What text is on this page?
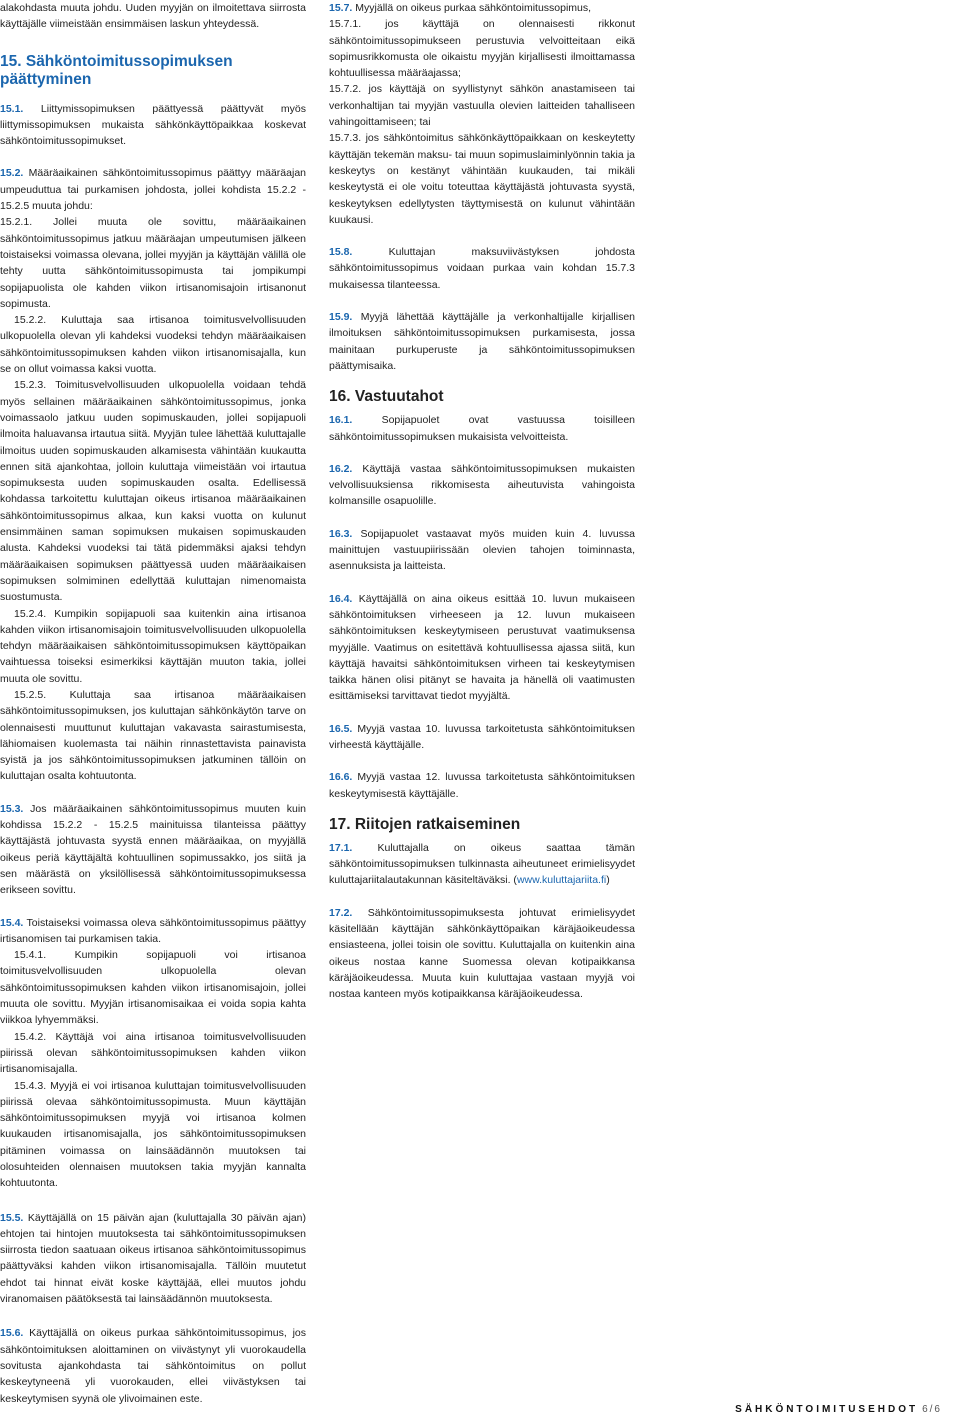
alakohdasta muuta johdu. Uuden myyjän on ilmoitettava siirrosta käyttäjälle viimeistään ensimmäisen laskun yhteydessä.

15. Sähköntoimitussopimuksen päättyminen

15.1. Liittymissopimuksen päättyessä päättyvät myös liittymissopimuksen mukaista sähkönkäyttöpaikkaa koskevat sähköntoimitussopimukset.

15.2. Määräaikainen sähköntoimitussopimus päättyy määräajan umpeuduttua tai purkamisen johdosta, jollei kohdista 15.2.2 - 15.2.5 muuta johdu:

15.2.1. Jollei muuta ole sovittu, määräaikainen sähköntoimitussopimus jatkuu määräajan umpeutumisen jälkeen toistaiseksi voimassa olevana, jollei myyjän ja käyttäjän välillä ole tehty uutta sähköntoimitussopimusta tai jompikumpi sopijapuolista ole kahden viikon irtisanomisajoin irtisanonut sopimusta.

15.2.2. Kuluttaja saa irtisanoa toimitusvelvollisuuden ulkopuolella olevan yli kahdeksi vuodeksi tehdyn määräaikaisen sähköntoimitussopimuksen kahden viikon irtisanomisajalla, kun se on ollut voimassa kaksi vuotta.

15.2.3. Toimitusvelvollisuuden ulkopuolella voidaan tehdä myös sellainen määräaikainen sähköntoimitussopimus, jonka voimassaolo jatkuu uuden sopimuskauden, jollei sopijapuoli ilmoita haluavansa irtautua siitä. Myyjän tulee lähettää kuluttajalle ilmoitus uuden sopimuskauden alkamisesta vähintään kuukautta ennen sitä ajankohtaa, jolloin kuluttaja viimeistään voi irtautua sopimuksesta uuden sopimuskauden osalta. Edellisessä kohdassa tarkoitettu kuluttajan oikeus irtisanoa määräaikainen sähköntoimitussopimus alkaa, kun kaksi vuotta on kulunut ensimmäinen saman sopimuksen mukaisen sopimuskauden alusta. Kahdeksi vuodeksi tai tätä pidemmäksi ajaksi tehdyn määräaikaisen sopimuksen päättyessä uuden määräaikaisen sopimuksen solmiminen edellyttää kuluttajan nimenomaista suostumusta.

15.2.4. Kumpikin sopijapuoli saa kuitenkin aina irtisanoa kahden viikon irtisanomisajoin toimitusvelvollisuuden ulkopuolella tehdyn määräaikaisen sähköntoimitussopimuksen käyttöpaikan vaihtuessa toiseksi esimerkiksi käyttäjän muuton takia, jollei muuta ole sovittu.

15.2.5. Kuluttaja saa irtisanoa määräaikaisen sähköntoimitussopimuksen, jos kuluttajan sähkönkäytön tarve on olennaisesti muuttunut kuluttajan vakavasta sairastumisesta, lähiomaisen kuolemasta tai näihin rinnastettavista painavista syistä ja jos sähköntoimitussopimuksen jatkuminen tällöin on kuluttajan osalta kohtuutonta.

15.3. Jos määräaikainen sähköntoimitussopimus muuten kuin kohdissa 15.2.2 - 15.2.5 mainituissa tilanteissa päättyy käyttäjästä johtuvasta syystä ennen määräaikaa, on myyjällä oikeus periä käyttäjältä kohtuullinen sopimussakko, jos siitä ja sen määrästä on yksilöllisessä sähköntoimitussopimuksessa erikseen sovittu.

15.4. Toistaiseksi voimassa oleva sähköntoimitussopimus päättyy irtisanomisen tai purkamisen takia.

15.4.1. Kumpikin sopijapuoli voi irtisanoa toimitusvelvollisuuden ulkopuolella olevan sähköntoimitussopimuksen kahden viikon irtisanomisajoin, jollei muuta ole sovittu. Myyjän irtisanomisaikaa ei voida sopia kahta viikkoa lyhyemmäksi.

15.4.2. Käyttäjä voi aina irtisanoa toimitusvelvollisuuden piirissä olevan sähköntoimitussopimuksen kahden viikon irtisanomisajalla.

15.4.3. Myyjä ei voi irtisanoa kuluttajan toimitusvelvollisuuden piirissä olevaa sähköntoimitussopimusta. Muun käyttäjän sähköntoimitussopimuksen myyjä voi irtisanoa kolmen kuukauden irtisanomisajalla, jos sähköntoimitussopimuksen pitäminen voimassa on lainsäädännön muutoksen tai olosuhteiden olennaisen muutoksen takia myyjän kannalta kohtuutonta.

15.5. Käyttäjällä on 15 päivän ajan (kuluttajalla 30 päivän ajan) ehtojen tai hintojen muutoksesta tai sähköntoimitussopimuksen siirrosta tiedon saatuaan oikeus irtisanoa sähköntoimitussopimus päättyväksi kahden viikon irtisanomisajalla. Tällöin muutetut ehdot tai hinnat eivät koske käyttäjää, ellei muutos johdu viranomaisen päätöksestä tai lainsäädännön muutoksesta.

15.6. Käyttäjällä on oikeus purkaa sähköntoimitussopimus, jos sähköntoimituksen aloittaminen on viivästynyt yli vuorokaudella sovitusta ajankohdasta tai sähköntoimitus on pollut keskeytyneenä yli vuorokauden, ellei viivästyksen tai keskeytymisen syynä ole ylivoimainen este.

15.7. Myyjällä on oikeus purkaa sähköntoimitussopimus,

15.7.1. jos käyttäjä on olennaisesti rikkonut sähköntoimitussopimukseen perustuvia velvoitteitaan eikä sopimusrikkomusta ole oikaistu myyjän kirjallisesti ilmoittamassa kohtuullisessa määräajassa;

15.7.2. jos käyttäjä on syyllistynyt sähkön anastamiseen tai verkonhaltijan tai myyjän vastuulla olevien laitteiden tahalliseen vahingoittamiseen; tai

15.7.3. jos sähköntoimitus sähkönkäyttöpaikkaan on keskeytetty käyttäjän tekemän maksu- tai muun sopimuslaiminlyönnin takia ja keskeytys on kestänyt vähintään kuukauden, tai mikäli keskeytystä ei ole voitu toteuttaa käyttäjästä johtuvasta syystä, keskeytyksen edellytysten täyttymisestä on kulunut vähintään kuukausi.

15.8.	Kuluttajan maksuviivästyksen johdosta sähköntoimitussopimus voidaan purkaa vain kohdan 15.7.3 mukaisessa tilanteessa.

15.9. Myyjä lähettää käyttäjälle ja verkonhaltijalle kirjallisen ilmoituksen sähköntoimitussopimuksen purkamisesta, jossa mainitaan purkuperuste ja sähköntoimitussopimuksen päättymisaika.

16. Vastuutahot

16.1.	Sopijapuolet ovat vastuussa toisilleen sähköntoimitussopimuksen mukaisista velvoitteista.

16.2. Käyttäjä vastaa sähköntoimitussopimuksen mukaisten velvollisuuksiensa rikkomisesta aiheutuvista vahingoista kolmansille osapuolille.

16.3. Sopijapuolet vastaavat myös muiden kuin 4. luvussa mainittujen vastuupiirissään olevien tahojen toiminnasta, asennuksista ja laitteista.

16.4. Käyttäjällä on aina oikeus esittää 10. luvun mukaiseen sähköntoimituksen virheeseen ja 12. luvun mukaiseen sähköntoimituksen keskeytymiseen perustuvat vaatimuksensa myyjälle. Vaatimus on esitettävä kohtuullisessa ajassa siitä, kun käyttäjä havaitsi sähköntoimituksen virheen tai keskeytymisen taikka hänen olisi pitänyt se havaita ja hänellä oli vaatimusten esittämiseksi tarvittavat tiedot myyjältä.

16.5. Myyjä vastaa 10. luvussa tarkoitetusta sähköntoimituksen virheestä käyttäjälle.

16.6. Myyjä vastaa 12. luvussa tarkoitetusta sähköntoimituksen keskeytymisestä käyttäjälle.

17. Riitojen ratkaiseminen

17.1. Kuluttajalla on oikeus saattaa tämän sähköntoimitussopimuksen tulkinnasta aiheutuneet erimielisyydet kuluttajariitalautakunnan käsiteltäväksi. (www.kuluttajariita.fi)

17.2. Sähköntoimitussopimuksesta johtuvat erimielisyydet käsitellään käyttäjän sähkönkäyttöpaikan käräjäoikeudessa ensiasteena, jollei toisin ole sovittu. Kuluttajalla on kuitenkin aina oikeus nostaa kanne Suomessa olevan kotipaikkansa käräjäoikeudessa. Muuta kuin kuluttajaa vastaan myyjä voi nostaa kanteen myös kotipaikkansa käräjäoikeudessa.

SÄHKÖNTOIMITUSEHDOT 6/6
